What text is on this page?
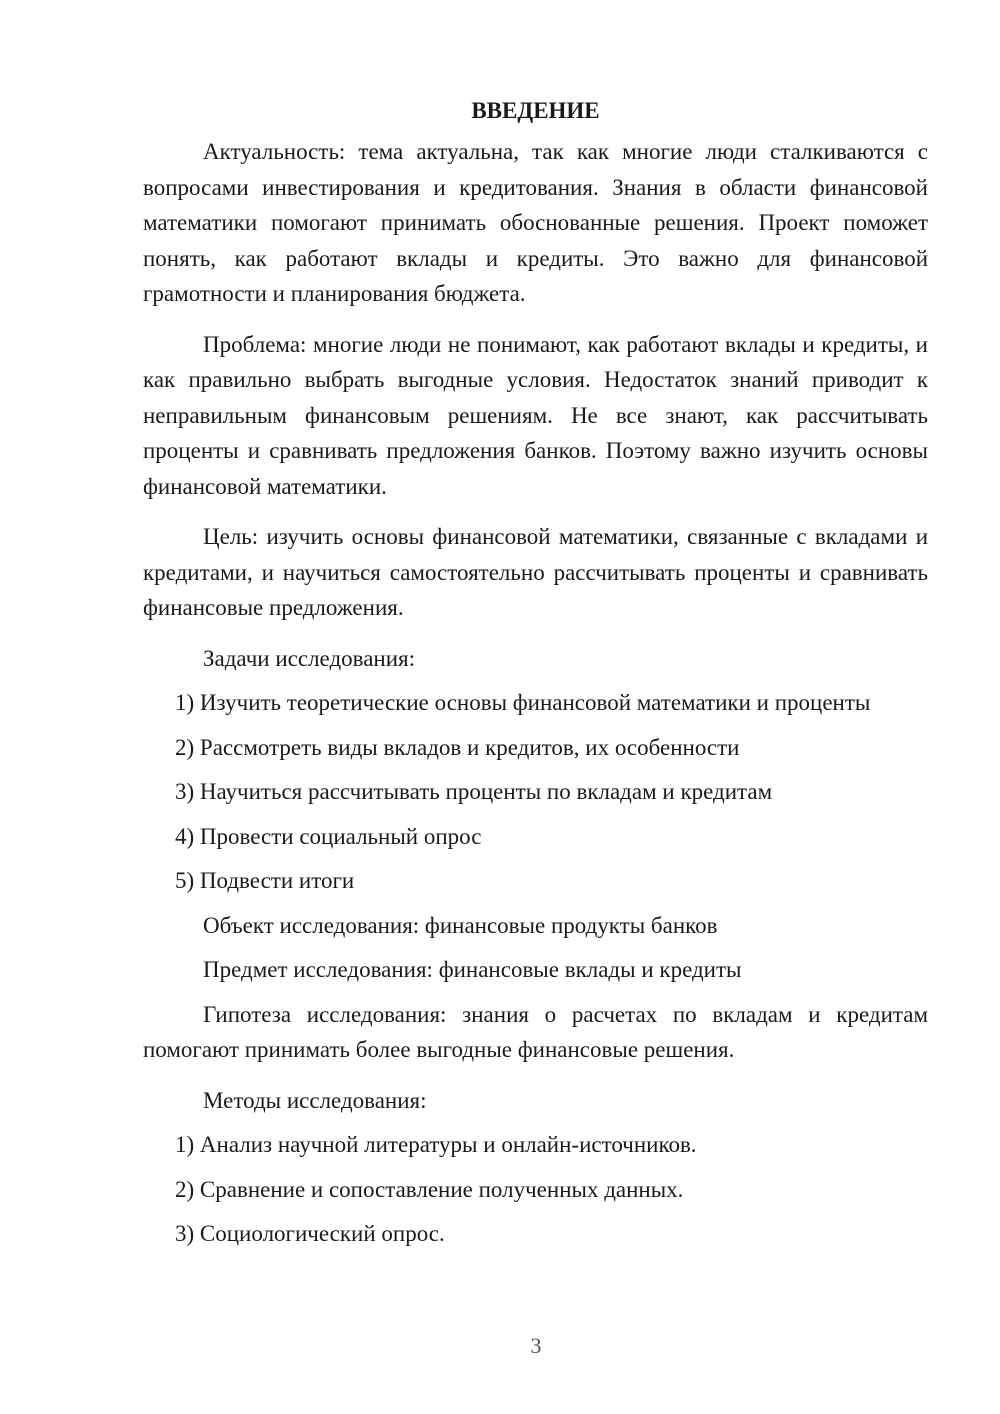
ВВЕДЕНИЕ

Актуальность: тема актуальна, так как многие люди сталкиваются с вопросами инвестирования и кредитования. Знания в области финансовой математики помогают принимать обоснованные решения. Проект поможет понять, как работают вклады и кредиты. Это важно для финансовой грамотности и планирования бюджета.

Проблема: многие люди не понимают, как работают вклады и кредиты, и как правильно выбрать выгодные условия. Недостаток знаний приводит к неправильным финансовым решениям. Не все знают, как рассчитывать проценты и сравнивать предложения банков. Поэтому важно изучить основы финансовой математики.

Цель: изучить основы финансовой математики, связанные с вкладами и кредитами, и научиться самостоятельно рассчитывать проценты и сравнивать финансовые предложения.

Задачи исследования:

1) Изучить теоретические основы финансовой математики и проценты

2) Рассмотреть виды вкладов и кредитов, их особенности

3) Научиться рассчитывать проценты по вкладам и кредитам

4) Провести социальный опрос

5) Подвести итоги

Объект исследования: финансовые продукты банков

Предмет исследования: финансовые вклады и кредиты

Гипотеза исследования: знания о расчетах по вкладам и кредитам помогают принимать более выгодные финансовые решения.

Методы исследования:

1) Анализ научной литературы и онлайн-источников.

2) Сравнение и сопоставление полученных данных.

3) Социологический опрос.

3
